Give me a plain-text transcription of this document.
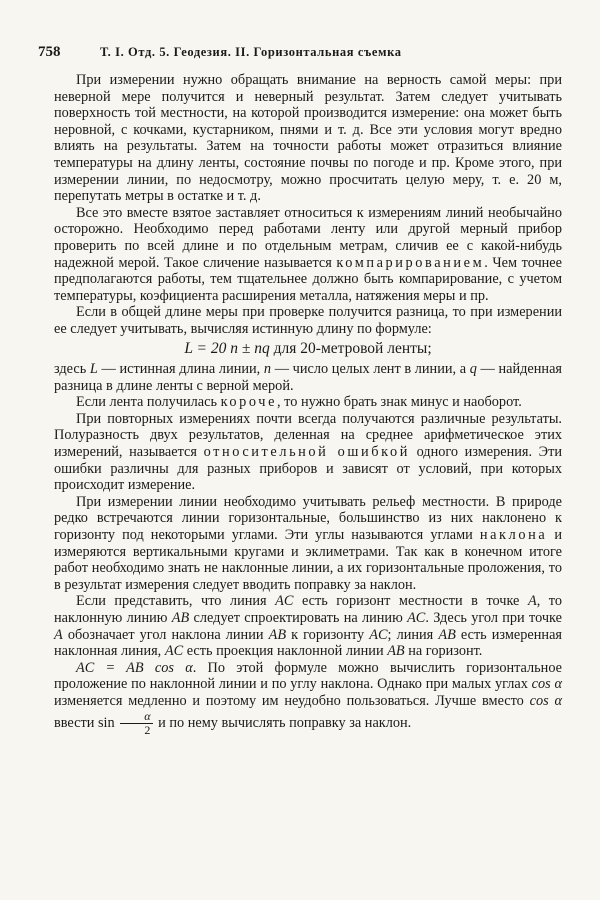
758	Т. I. Отд. 5. Геодезия. II. Горизонтальная съемка

При измерении нужно обращать внимание на верность самой меры: при неверной мере получится и неверный результат. Затем следует учитывать поверхность той местности, на которой производится измерение: она может быть неровной, с кочками, кустарником, пнями и т. д. Все эти условия могут вредно влиять на результаты. Затем на точности работы может отразиться влияние температуры на длину ленты, состояние почвы по погоде и пр. Кроме этого, при измерении линии, по недосмотру, можно просчитать целую меру, т. е. 20 м, перепутать метры в остатке и т. д.

Все это вместе взятое заставляет относиться к измерениям линий необычайно осторожно. Необходимо перед работами ленту или другой мерный прибор проверить по всей длине и по отдельным метрам, сличив ее с какой-нибудь надежной мерой. Такое сличение называется компарированием. Чем точнее предполагаются работы, тем тщательнее должно быть компарирование, с учетом температуры, коэфициента расширения металла, натяжения меры и пр.

Если в общей длине меры при проверке получится разница, то при измерении ее следует учитывать, вычисляя истинную длину по формуле:

L = 20 n ± nq для 20-метровой ленты;

здесь L — истинная длина линии, n — число целых лент в линии, а q — найденная разница в длине ленты с верной мерой.

Если лента получилась короче, то нужно брать знак минус и наоборот.

При повторных измерениях почти всегда получаются различные результаты. Полуразность двух результатов, деленная на среднее арифметическое этих измерений, называется относительной ошибкой одного измерения. Эти ошибки различны для разных приборов и зависят от условий, при которых происходит измерение.

При измерении линии необходимо учитывать рельеф местности. В природе редко встречаются линии горизонтальные, большинство из них наклонено к горизонту под некоторыми углами. Эти углы называются углами наклона и измеряются вертикальными кругами и эклиметрами. Так как в конечном итоге работ необходимо знать не наклонные линии, а их горизонтальные проложения, то в результат измерения следует вводить поправку за наклон.

Если представить, что линия AC есть горизонт местности в точке A, то наклонную линию AB следует спроектировать на линию AC. Здесь угол при точке A обозначает угол наклона линии AB к горизонту AC; линия AB есть измеренная наклонная линия, AC есть проекция наклонной линии AB на горизонт.

AC = AB cos α. По этой формуле можно вычислить горизонтальное проложение по наклонной линии и по углу наклона. Однако при малых углах cos α изменяется медленно и поэтому им неудобно пользоваться. Лучше вместо cos α ввести $\sin \frac{\alpha}{2}$ и по нему вычислять поправку за наклон.
